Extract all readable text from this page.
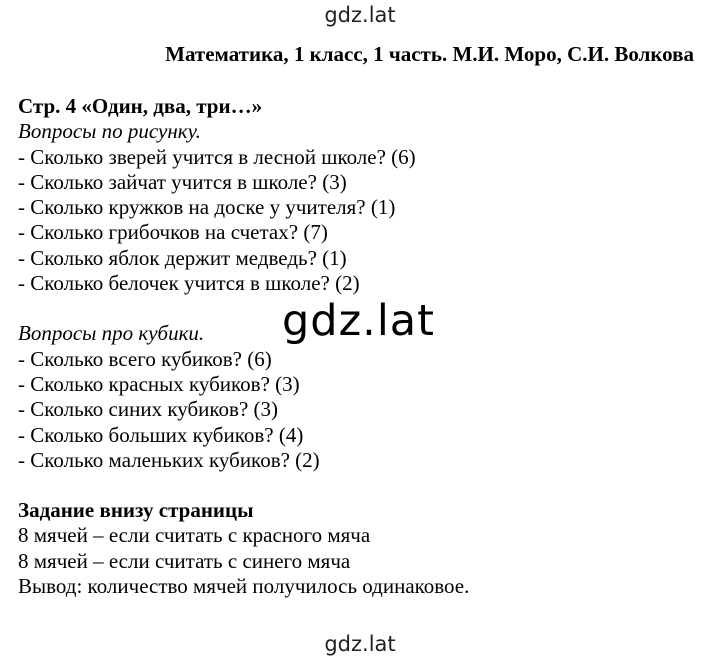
gdz.lat
Математика, 1 класс, 1 часть. М.И. Моро, С.И. Волкова
Стр. 4 «Один, два, три…»
Вопросы по рисунку.
- Сколько зверей учится в лесной школе? (6)
- Сколько зайчат учится в школе? (3)
- Сколько кружков на доске у учителя? (1)
- Сколько грибочков на счетах? (7)
- Сколько яблок держит медведь? (1)
- Сколько белочек учится в школе? (2)
Вопросы про кубики.
- Сколько всего кубиков? (6)
- Сколько красных кубиков? (3)
- Сколько синих кубиков? (3)
- Сколько больших кубиков? (4)
- Сколько маленьких кубиков? (2)
Задание внизу страницы
8 мячей – если считать с красного мяча
8 мячей – если считать с синего мяча
Вывод: количество мячей получилось одинаковое.
gdz.lat
gdz.lat
